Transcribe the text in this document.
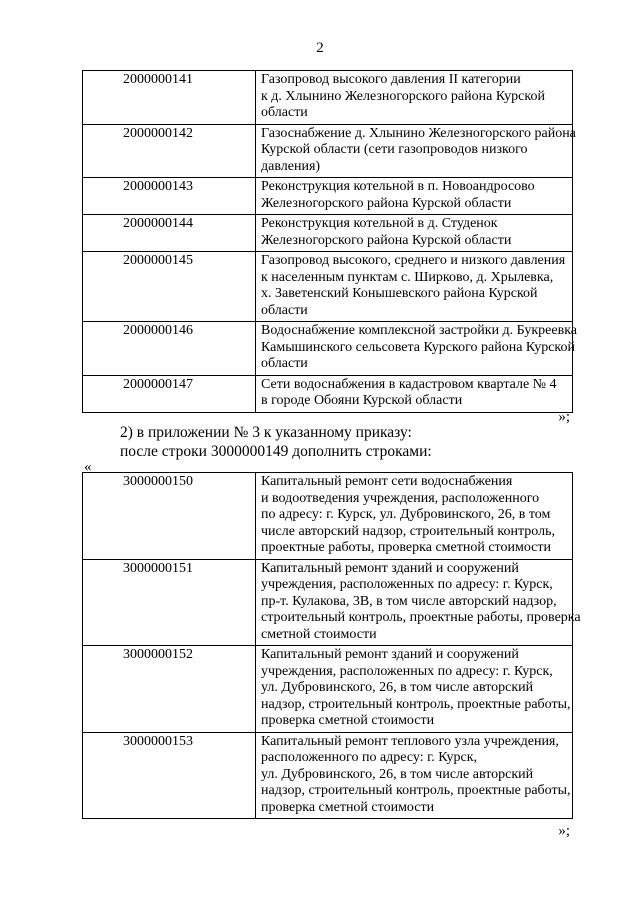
2
2000000141	Газопровод высокого давления II категории
к д. Хлынино Железногорского района Курской
области

2000000142	Газоснабжение д. Хлынино Железногорского района
Курской области (сети газопроводов низкого
давления)

2000000143	Реконструкция котельной в п. Новоандросово
Железногорского района Курской области

2000000144	Реконструкция котельной в д. Студенок
Железногорского района Курской области

2000000145	Газопровод высокого, среднего и низкого давления
к населенным пунктам с. Ширково, д. Хрылевка,
х. Заветенский Конышевского района Курской
области

2000000146	Водоснабжение комплексной застройки д. Букреевка
Камышинского сельсовета Курского района Курской
области

2000000147	Сети водоснабжения в кадастровом квартале № 4
в городе Обояни Курской области
»;
2) в приложении № 3 к указанному приказу:
после строки 3000000149 дополнить строками:
«
3000000150	Капитальный ремонт сети водоснабжения
и водоотведения учреждения, расположенного
по адресу: г. Курск, ул. Дубровинского, 26, в том
числе авторский надзор, строительный контроль,
проектные работы, проверка сметной стоимости

3000000151	Капитальный ремонт зданий и сооружений
учреждения, расположенных по адресу: г. Курск,
пр-т. Кулакова, 3В, в том числе авторский надзор,
строительный контроль, проектные работы, проверка
сметной стоимости

3000000152	Капитальный ремонт зданий и сооружений
учреждения, расположенных по адресу: г. Курск,
ул. Дубровинского, 26, в том числе авторский
надзор, строительный контроль, проектные работы,
проверка сметной стоимости

3000000153	Капитальный ремонт теплового узла учреждения,
расположенного по адресу: г. Курск,
ул. Дубровинского, 26, в том числе авторский
надзор, строительный контроль, проектные работы,
проверка сметной стоимости
»;
